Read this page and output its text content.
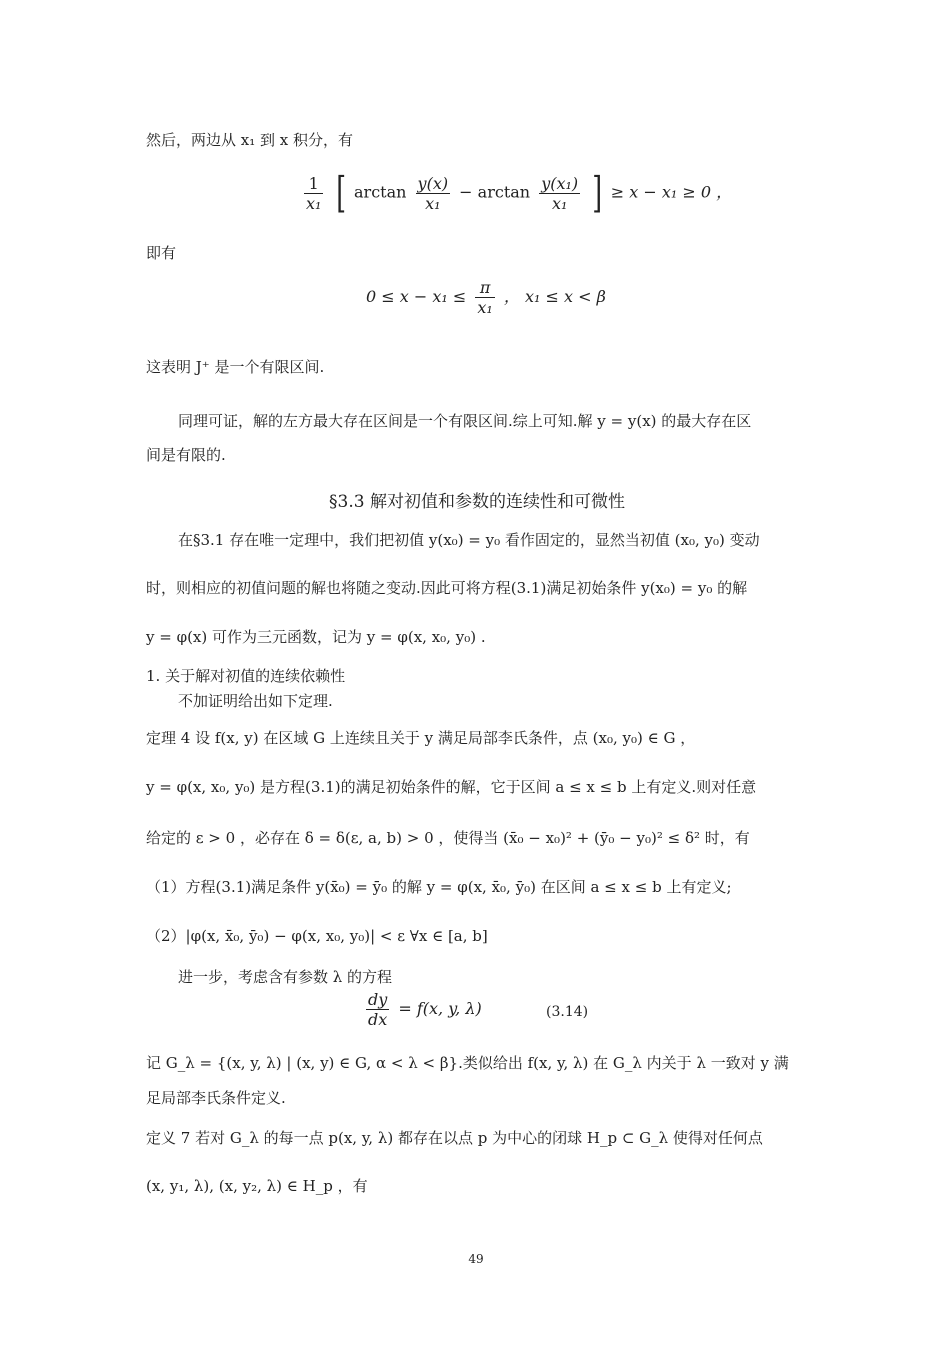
然后，两边从 x₁ 到 x 积分，有
$\frac{1}{\text{x₁}}$ [ $\arctan \frac{y(x)}{\text{x₁}} - \arctan \frac{\text{y(x₁)}}{\text{x₁}}$ ] ≥ x − x₁ ≥ 0 ，
即有
$0 \le x - x_1 \le \frac{\pi}{\text{x₁}}$ ， x₁ ≤ x < β
这表明 J⁺ 是一个有限区间.
同理可证，解的左方最大存在区间是一个有限区间.综上可知.解 y = y(x) 的最大存在区
间是有限的.
§3.3 解对初值和参数的连续性和可微性
在§3.1 存在唯一定理中，我们把初值 y(x₀) = y₀ 看作固定的，显然当初值 (x₀, y₀) 变动
时，则相应的初值问题的解也将随之变动.因此可将方程(3.1)满足初始条件 y(x₀) = y₀ 的解
y = φ(x) 可作为三元函数，记为 y = φ(x, x₀, y₀) .
1. 关于解对初值的连续依赖性
不加证明给出如下定理.
定理 4 设 f(x, y) 在区域 G 上连续且关于 y 满足局部李氏条件，点 (x₀, y₀) ∈ G ，
y = φ(x, x₀, y₀) 是方程(3.1)的满足初始条件的解，它于区间 a ≤ x ≤ b 上有定义.则对任意
给定的 ε > 0 ，必存在 δ = δ(ε, a, b) > 0 ，使得当 (x̄₀ − x₀)² + (ȳ₀ − y₀)² ≤ δ² 时，有
（1）方程(3.1)满足条件 y(x̄₀) = ȳ₀ 的解 y = φ(x, x̄₀, ȳ₀) 在区间 a ≤ x ≤ b 上有定义;
（2）|φ(x, x̄₀, ȳ₀) − φ(x, x₀, y₀)| < ε ∀x ∈ [a, b]
进一步，考虑含有参数 λ 的方程
$\frac{dy}{dx} = f(x$, y, λ)	(3.14)
记 G_λ = {(x, y, λ) | (x, y) ∈ G, α < λ < β}.类似给出 f(x, y, λ) 在 G_λ 内关于 λ 一致对 y 满
足局部李氏条件定义.
定义 7 若对 G_λ 的每一点 p(x, y, λ) 都存在以点 p 为中心的闭球 H_p ⊂ G_λ 使得对任何点
(x, y₁, λ), (x, y₂, λ) ∈ H_p ，有
49
